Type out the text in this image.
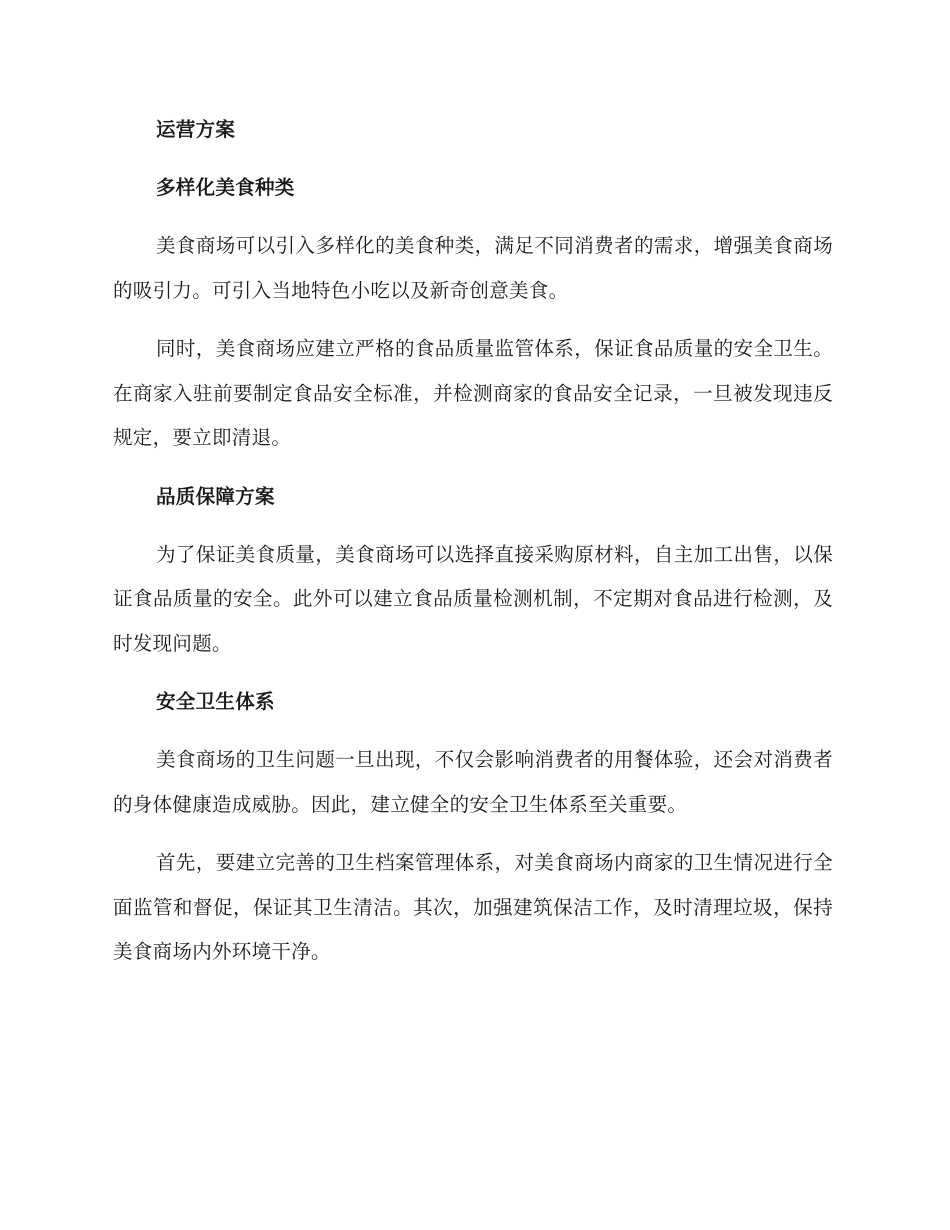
运营方案

多样化美食种类

美食商场可以引入多样化的美食种类，满足不同消费者的需求，增强美食商场的吸引力。可引入当地特色小吃以及新奇创意美食。

同时，美食商场应建立严格的食品质量监管体系，保证食品质量的安全卫生。在商家入驻前要制定食品安全标准，并检测商家的食品安全记录，一旦被发现违反规定，要立即清退。

品质保障方案

为了保证美食质量，美食商场可以选择直接采购原材料，自主加工出售，以保证食品质量的安全。此外可以建立食品质量检测机制，不定期对食品进行检测，及时发现问题。

安全卫生体系

美食商场的卫生问题一旦出现，不仅会影响消费者的用餐体验，还会对消费者的身体健康造成威胁。因此，建立健全的安全卫生体系至关重要。

首先，要建立完善的卫生档案管理体系，对美食商场内商家的卫生情况进行全面监管和督促，保证其卫生清洁。其次，加强建筑保洁工作，及时清理垃圾，保持美食商场内外环境干净。
